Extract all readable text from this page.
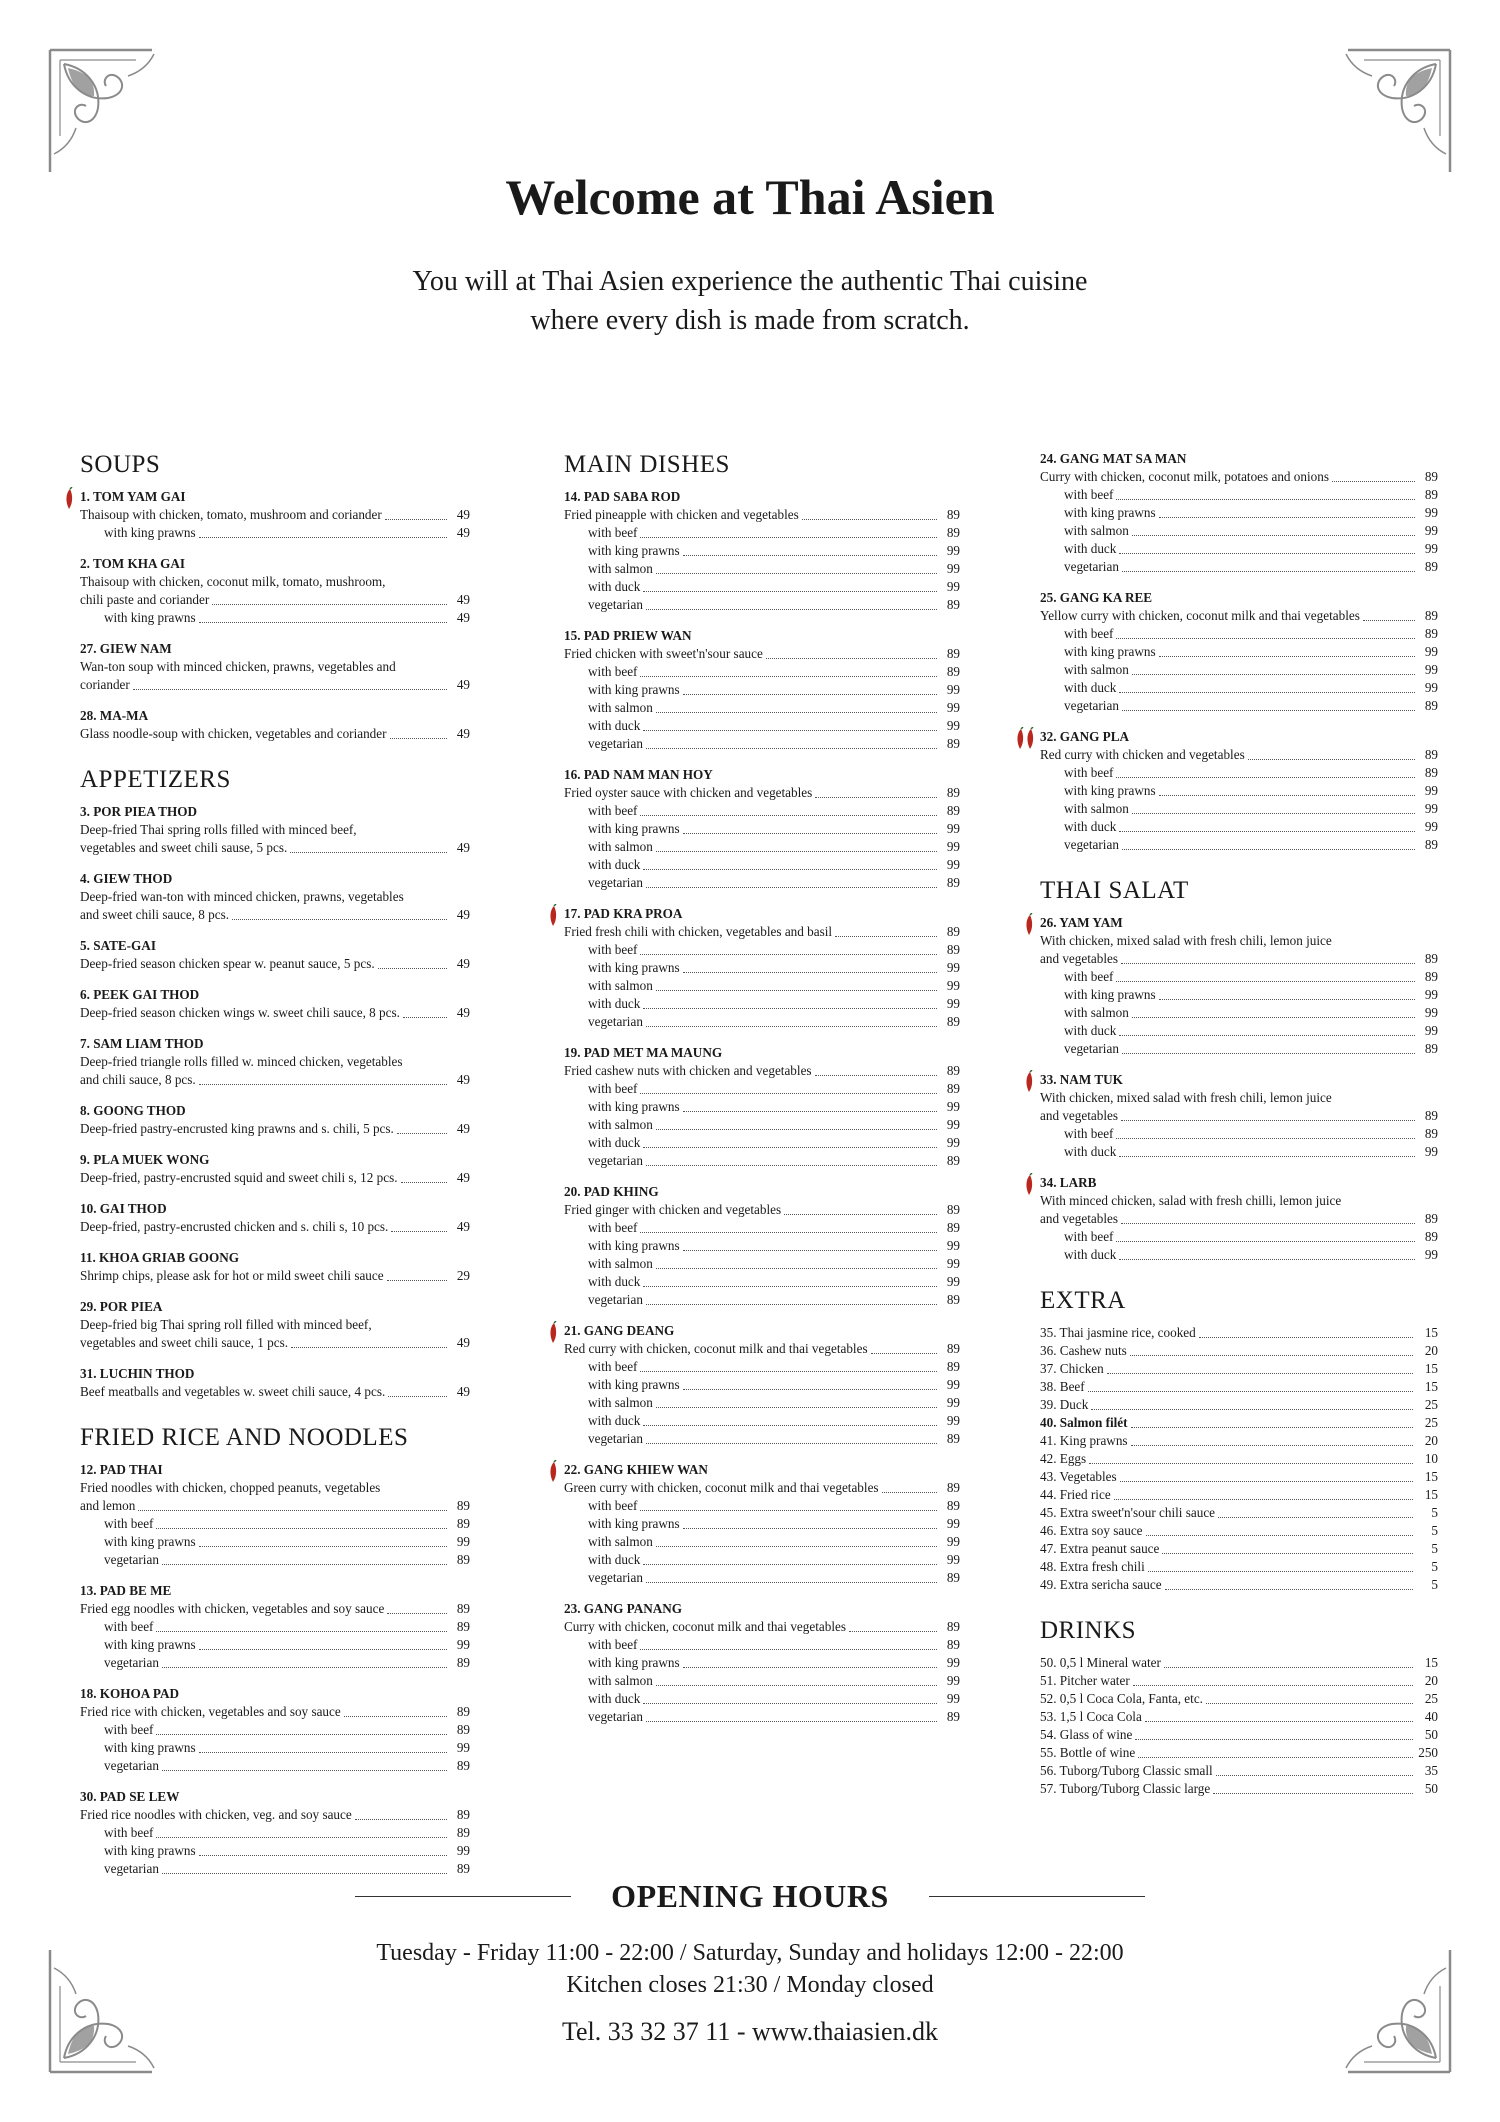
Welcome at Thai Asien
You will at Thai Asien experience the authentic Thai cuisine
where every dish is made from scratch.
SOUPS
1. TOM YAM GAI
Thaisoup with chicken, tomato, mushroom and coriander	49
with king prawns	49
2. TOM KHA GAI
Thaisoup with chicken, coconut milk, tomato, mushroom,
chili paste and coriander	49
with king prawns	49
27. GIEW NAM
Wan-ton soup with minced chicken, prawns, vegetables and
coriander	49
28. MA-MA
Glass noodle-soup with chicken, vegetables and coriander	49
APPETIZERS
3. POR PIEA THOD
Deep-fried Thai spring rolls filled with minced beef,
vegetables and sweet chili sause, 5 pcs.	49
4. GIEW THOD
Deep-fried wan-ton with minced chicken, prawns, vegetables
and sweet chili sauce, 8 pcs.	49
5. SATE-GAI
Deep-fried season chicken spear w. peanut sauce, 5 pcs.	49
6. PEEK GAI THOD
Deep-fried season chicken wings w. sweet chili sauce, 8 pcs.	49
7. SAM LIAM THOD
Deep-fried triangle rolls filled w. minced chicken, vegetables
and chili sauce, 8 pcs.	49
8. GOONG THOD
Deep-fried pastry-encrusted king prawns and s. chili, 5 pcs.	49
9. PLA MUEK WONG
Deep-fried, pastry-encrusted squid and sweet chili s, 12 pcs.	49
10. GAI THOD
Deep-fried, pastry-encrusted chicken and s. chili s, 10 pcs.	49
11. KHOA GRIAB GOONG
Shrimp chips, please ask for hot or mild sweet chili sauce	29
29. POR PIEA
Deep-fried big Thai spring roll filled with minced beef,
vegetables and sweet chili sauce, 1 pcs.	49
31. LUCHIN THOD
Beef meatballs and vegetables w. sweet chili sauce, 4 pcs.	49
FRIED RICE AND NOODLES
12. PAD THAI
Fried noodles with chicken, chopped peanuts, vegetables
and lemon	89
with beef	89
with king prawns	99
vegetarian	89
13. PAD BE ME
Fried egg noodles with chicken, vegetables and soy sauce	89
with beef	89
with king prawns	99
vegetarian	89
18. KOHOA PAD
Fried rice with chicken, vegetables and soy sauce	89
with beef	89
with king prawns	99
vegetarian	89
30. PAD SE LEW
Fried rice noodles with chicken, veg. and soy sauce	89
with beef	89
with king prawns	99
vegetarian	89
MAIN DISHES
14. PAD SABA ROD
Fried pineapple with chicken and vegetables	89
with beef	89
with king prawns	99
with salmon	99
with duck	99
vegetarian	89
15. PAD PRIEW WAN
Fried chicken with sweet'n'sour sauce	89
with beef	89
with king prawns	99
with salmon	99
with duck	99
vegetarian	89
16. PAD NAM MAN HOY
Fried oyster sauce with chicken and vegetables	89
with beef	89
with king prawns	99
with salmon	99
with duck	99
vegetarian	89
17. PAD KRA PROA
Fried fresh chili with chicken, vegetables and basil	89
with beef	89
with king prawns	99
with salmon	99
with duck	99
vegetarian	89
19. PAD MET MA MAUNG
Fried cashew nuts with chicken and vegetables	89
with beef	89
with king prawns	99
with salmon	99
with duck	99
vegetarian	89
20. PAD KHING
Fried ginger with chicken and vegetables	89
with beef	89
with king prawns	99
with salmon	99
with duck	99
vegetarian	89
21. GANG DEANG
Red curry with chicken, coconut milk and thai vegetables	89
with beef	89
with king prawns	99
with salmon	99
with duck	99
vegetarian	89
22. GANG KHIEW WAN
Green curry with chicken, coconut milk and thai vegetables	89
with beef	89
with king prawns	99
with salmon	99
with duck	99
vegetarian	89
23. GANG PANANG
Curry with chicken, coconut milk and thai vegetables	89
with beef	89
with king prawns	99
with salmon	99
with duck	99
vegetarian	89
24. GANG MAT SA MAN
Curry with chicken, coconut milk, potatoes and onions	89
with beef	89
with king prawns	99
with salmon	99
with duck	99
vegetarian	89
25. GANG KA REE
Yellow curry with chicken, coconut milk and thai vegetables	89
with beef	89
with king prawns	99
with salmon	99
with duck	99
vegetarian	89
32. GANG PLA
Red curry with chicken and vegetables	89
with beef	89
with king prawns	99
with salmon	99
with duck	99
vegetarian	89
THAI SALAT
26. YAM YAM
With chicken, mixed salad with fresh chili, lemon juice
and vegetables	89
with beef	89
with king prawns	99
with salmon	99
with duck	99
vegetarian	89
33. NAM TUK
With chicken, mixed salad with fresh chili, lemon juice
and vegetables	89
with beef	89
with duck	99
34. LARB
With minced chicken, salad with fresh chilli, lemon juice
and vegetables	89
with beef	89
with duck	99
EXTRA
35. Thai jasmine rice, cooked	15
36. Cashew nuts	20
37. Chicken	15
38. Beef	15
39. Duck	25
40. Salmon filét	25
41. King prawns	20
42. Eggs	10
43. Vegetables	15
44. Fried rice	15
45. Extra sweet'n'sour chili sauce	5
46. Extra soy sauce	5
47. Extra peanut sauce	5
48. Extra fresh chili	5
49. Extra sericha sauce	5
DRINKS
50. 0,5 l Mineral water	15
51. Pitcher water	20
52. 0,5 l Coca Cola, Fanta, etc.	25
53. 1,5 l Coca Cola	40
54. Glass of wine	50
55. Bottle of wine	250
56. Tuborg/Tuborg Classic small	35
57. Tuborg/Tuborg Classic large	50
OPENING HOURS
Tuesday - Friday 11:00 - 22:00 / Saturday, Sunday and holidays 12:00 - 22:00
Kitchen closes 21:30 / Monday closed
Tel. 33 32 37 11 - www.thaiasien.dk
